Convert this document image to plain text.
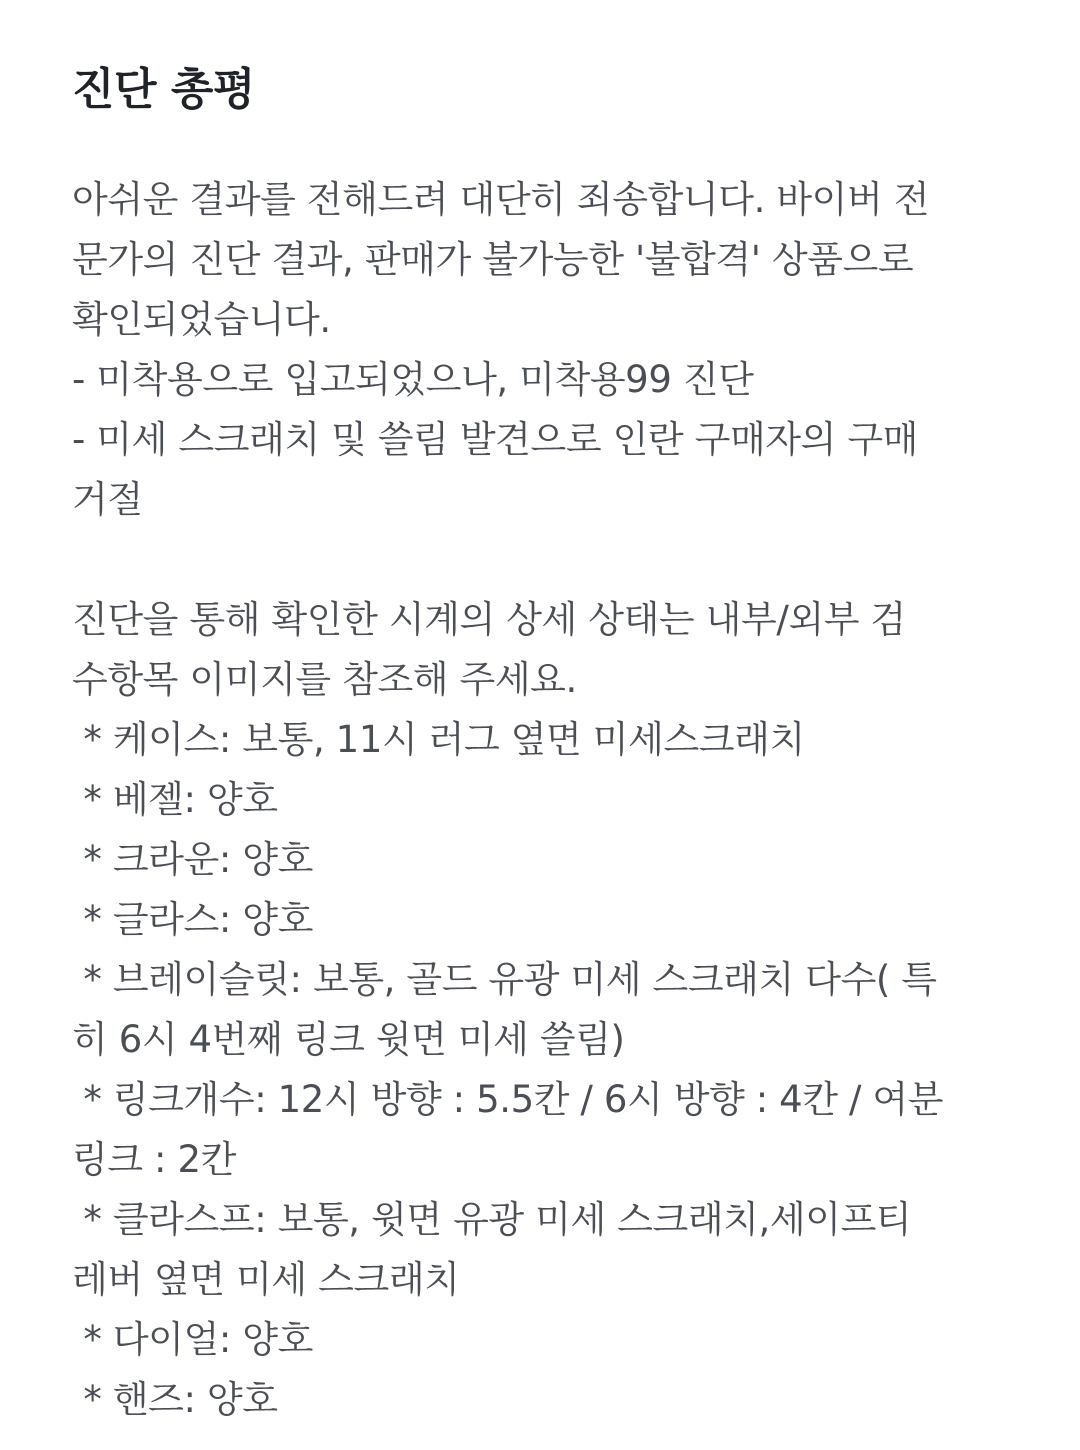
진단 총평
아쉬운 결과를 전해드려 대단히 죄송합니다. 바이버 전
문가의 진단 결과, 판매가 불가능한 '불합격' 상품으로
확인되었습니다.
- 미착용으로 입고되었으나, 미착용99 진단
- 미세 스크래치 및 쓸림 발견으로 인란 구매자의 구매
거절
진단을 통해 확인한 시계의 상세 상태는 내부/외부 검
수항목 이미지를 참조해 주세요.
* 케이스: 보통, 11시 러그 옆면 미세스크래치
* 베젤: 양호
* 크라운: 양호
* 글라스: 양호
* 브레이슬릿: 보통, 골드 유광 미세 스크래치 다수( 특
히 6시 4번째 링크 윗면 미세 쓸림)
* 링크개수: 12시 방향 : 5.5칸 / 6시 방향 : 4칸 / 여분
링크 : 2칸
* 클라스프: 보통, 윗면 유광 미세 스크래치,세이프티
레버 옆면 미세 스크래치
* 다이얼: 양호
* 핸즈: 양호
